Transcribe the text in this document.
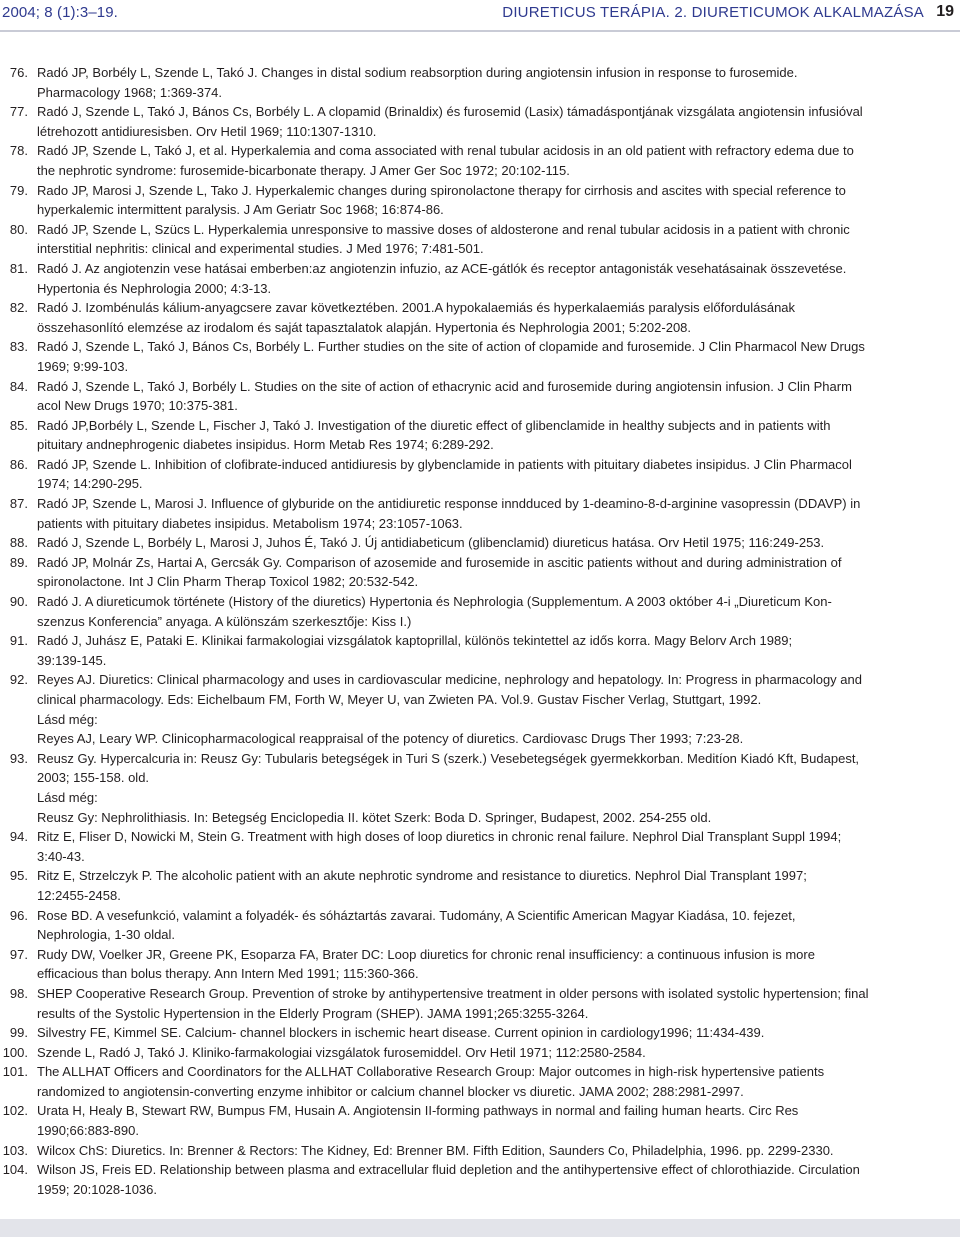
2004; 8 (1):3–19.	DIURETICUS TERÁPIA. 2. DIURETICUMOK ALKALMAZÁSA 19
76. Radó JP, Borbély L, Szende L, Takó J. Changes in distal sodium reabsorption during angiotensin infusion in response to furosemide.
Pharmacology 1968; 1:369-374.
77. Radó J, Szende L, Takó J, Bános Cs, Borbély L. A clopamid (Brinaldix) és furosemid (Lasix) támadáspontjának vizsgálata angiotensin infusióval
létrehozott antidiuresisben. Orv Hetil 1969; 110:1307-1310.
78. Radó JP, Szende L, Takó J, et al. Hyperkalemia and coma associated with renal tubular acidosis in an old patient with refractory edema due to
the nephrotic syndrome: furosemide-bicarbonate therapy. J Amer Ger Soc 1972; 20:102-115.
79. Rado JP, Marosi J, Szende L, Tako J. Hyperkalemic changes during spironolactone therapy for cirrhosis and ascites with special reference to
hyperkalemic intermittent paralysis. J Am Geriatr Soc 1968; 16:874-86.
80. Radó JP, Szende L, Szücs L. Hyperkalemia unresponsive to massive doses of aldosterone and renal tubular acidosis in a patient with chronic
interstitial nephritis: clinical and experimental studies. J Med 1976; 7:481-501.
81. Radó J. Az angiotenzin vese hatásai emberben:az angiotenzin infuzio, az ACE-gátlók és receptor antagonisták vesehatásainak összevetése.
Hypertonia és Nephrologia 2000; 4:3-13.
82. Radó J. Izombénulás kálium-anyagcsere zavar következtében. 2001.A hypokalaemiás és hyperkalaemiás paralysis előfordulásának
összehasonlító elemzése az irodalom és saját tapasztalatok alapján. Hypertonia és Nephrologia 2001; 5:202-208.
83. Radó J, Szende L, Takó J, Bános Cs, Borbély L. Further studies on the site of action of clopamide and furosemide. J Clin Pharmacol New Drugs
1969; 9:99-103.
84. Radó J, Szende L, Takó J, Borbély L. Studies on the site of action of ethacrynic acid and furosemide during angiotensin infusion. J Clin Pharm
acol New Drugs 1970; 10:375-381.
85. Radó JP,Borbély L, Szende L, Fischer J, Takó J. Investigation of the diuretic effect of glibenclamide in healthy subjects and in patients with
pituitary andnephrogenic diabetes insipidus. Horm Metab Res 1974; 6:289-292.
86. Radó JP, Szende L. Inhibition of clofibrate-induced antidiuresis by glybenclamide in patients with pituitary diabetes insipidus. J Clin Pharmacol
1974; 14:290-295.
87. Radó JP, Szende L, Marosi J. Influence of glyburide on the antidiuretic response inndduced by 1-deamino-8-d-arginine vasopressin (DDAVP) in
patients with pituitary diabetes insipidus. Metabolism 1974; 23:1057-1063.
88. Radó J, Szende L, Borbély L, Marosi J, Juhos É, Takó J. Új antidiabeticum (glibenclamid) diureticus hatása. Orv Hetil 1975; 116:249-253.
89. Radó JP, Molnár Zs, Hartai A, Gercsák Gy. Comparison of azosemide and furosemide in ascitic patients without and during administration of
spironolactone. Int J Clin Pharm Therap Toxicol 1982; 20:532-542.
90. Radó J. A diureticumok története (History of the diuretics) Hypertonia és Nephrologia (Supplementum. A 2003 október 4-i „Diureticum Kon-
szenzus Konferencia” anyaga. A különszám szerkesztője: Kiss I.)
91. Radó J, Juhász E, Pataki E. Klinikai farmakologiai vizsgálatok kaptoprillal, különös tekintettel az idős korra. Magy Belorv Arch 1989;
39:139-145.
92. Reyes AJ. Diuretics: Clinical pharmacology and uses in cardiovascular medicine, nephrology and hepatology. In: Progress in pharmacology and
clinical pharmacology. Eds: Eichelbaum FM, Forth W, Meyer U, van Zwieten PA. Vol.9. Gustav Fischer Verlag, Stuttgart, 1992.
Lásd még:
Reyes AJ, Leary WP. Clinicopharmacological reappraisal of the potency of diuretics. Cardiovasc Drugs Ther 1993; 7:23-28.
93. Reusz Gy. Hypercalcuria in: Reusz Gy: Tubularis betegségek in Turi S (szerk.) Vesebetegségek gyermekkorban. Meditíon Kiadó Kft, Budapest,
2003; 155-158. old.
Lásd még:
Reusz Gy: Nephrolithiasis. In: Betegség Enciclopedia II. kötet Szerk: Boda D. Springer, Budapest, 2002. 254-255 old.
94. Ritz E, Fliser D, Nowicki M, Stein G. Treatment with high doses of loop diuretics in chronic renal failure. Nephrol Dial Transplant Suppl 1994;
3:40-43.
95. Ritz E, Strzelczyk P. The alcoholic patient with an akute nephrotic syndrome and resistance to diuretics. Nephrol Dial Transplant 1997;
12:2455-2458.
96. Rose BD. A vesefunkció, valamint a folyadék- és sóháztartás zavarai. Tudomány, A Scientific American Magyar Kiadása, 10. fejezet,
Nephrologia, 1-30 oldal.
97. Rudy DW, Voelker JR, Greene PK, Esoparza FA, Brater DC: Loop diuretics for chronic renal insufficiency: a continuous infusion is more
efficacious than bolus therapy. Ann Intern Med 1991; 115:360-366.
98. SHEP Cooperative Research Group. Prevention of stroke by antihypertensive treatment in older persons with isolated systolic hypertension; final
results of the Systolic Hypertension in the Elderly Program (SHEP). JAMA 1991;265:3255-3264.
99. Silvestry FE, Kimmel SE. Calcium- channel blockers in ischemic heart disease. Current opinion in cardiology1996; 11:434-439.
100. Szende L, Radó J, Takó J. Kliniko-farmakologiai vizsgálatok furosemiddel. Orv Hetil 1971; 112:2580-2584.
101. The ALLHAT Officers and Coordinators for the ALLHAT Collaborative Research Group: Major outcomes in high-risk hypertensive patients
randomized to angiotensin-converting enzyme inhibitor or calcium channel blocker vs diuretic. JAMA 2002; 288:2981-2997.
102. Urata H, Healy B, Stewart RW, Bumpus FM, Husain A. Angiotensin II-forming pathways in normal and failing human hearts. Circ Res
1990;66:883-890.
103. Wilcox ChS: Diuretics. In: Brenner & Rectors: The Kidney, Ed: Brenner BM. Fifth Edition, Saunders Co, Philadelphia, 1996. pp. 2299-2330.
104. Wilson JS, Freis ED. Relationship between plasma and extracellular fluid depletion and the antihypertensive effect of chlorothiazide. Circulation
1959; 20:1028-1036.
